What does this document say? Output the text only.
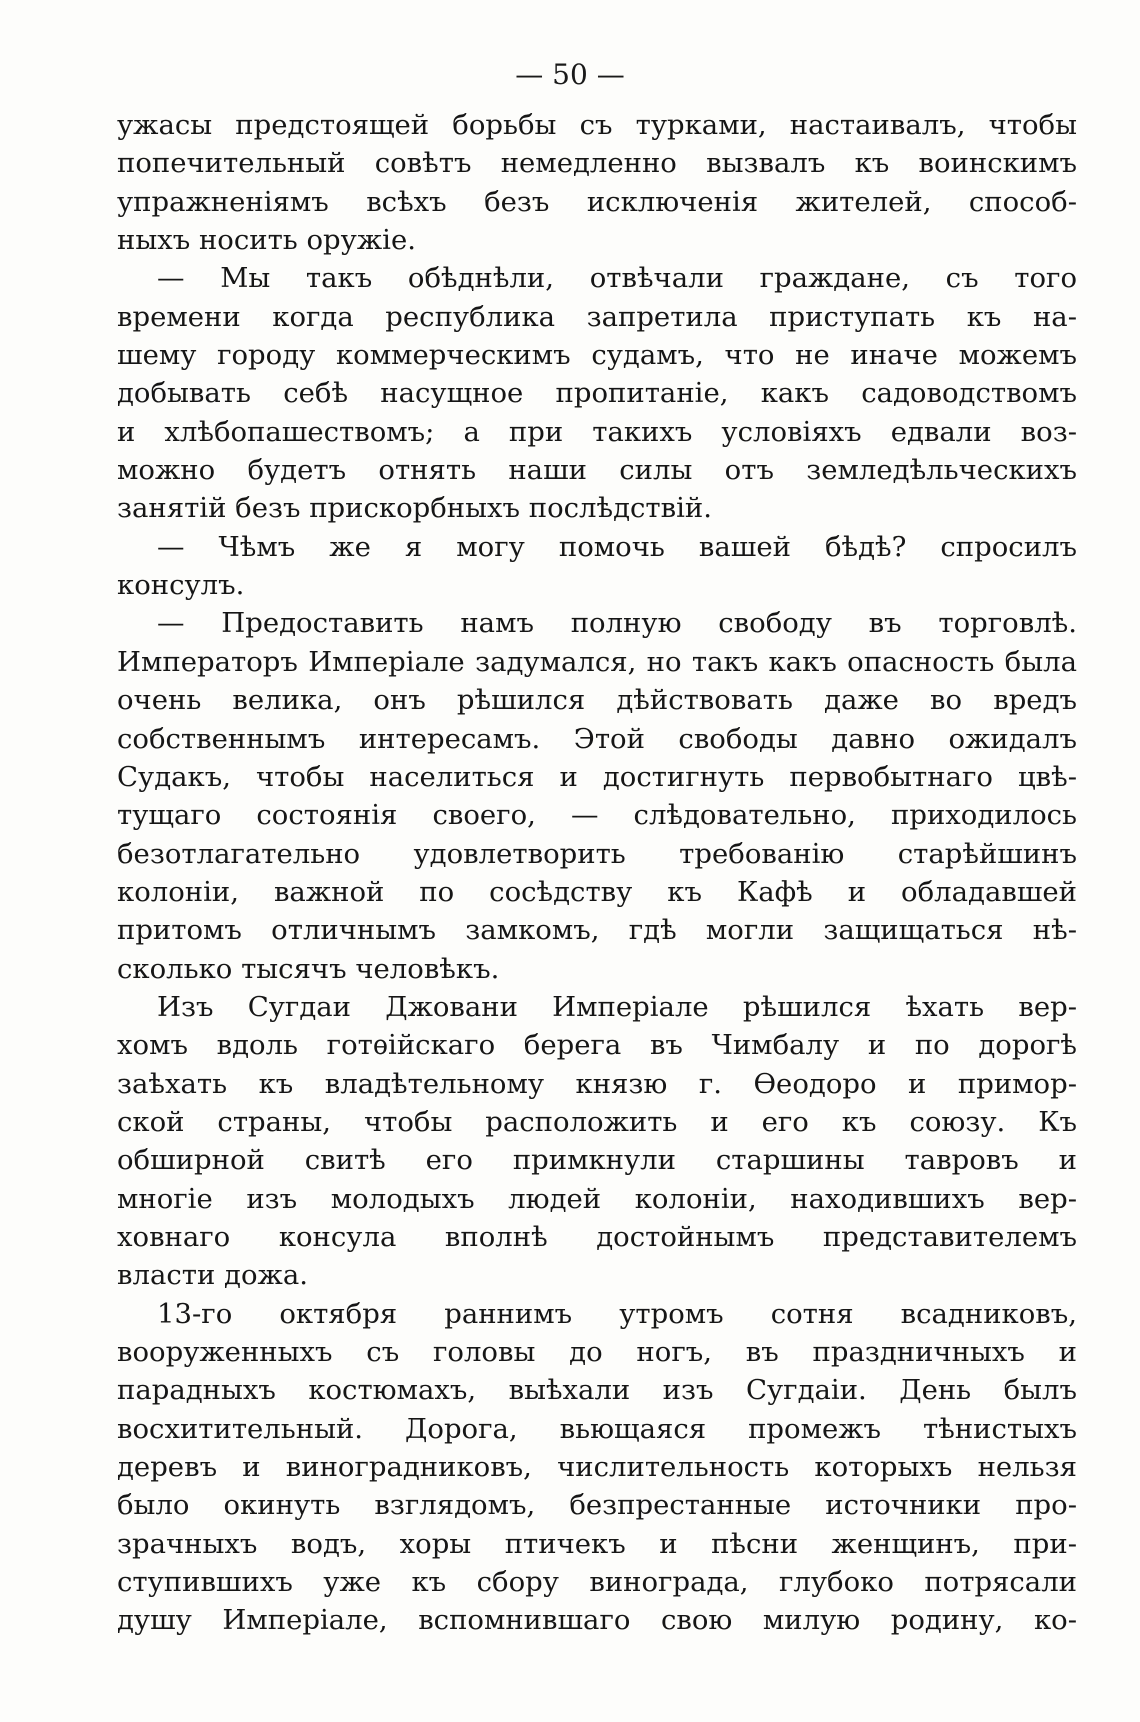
— 50 —
ужасы предстоящей борьбы съ турками, настаивалъ, чтобы
попечительный совѣтъ немедленно вызвалъ къ воинскимъ
упражненіямъ всѣхъ безъ исключенія жителей, способ-
ныхъ носить оружіе.
— Мы такъ обѣднѣли, отвѣчали граждане, съ того
времени когда республика запретила приступать къ на-
шему городу коммерческимъ судамъ, что не иначе можемъ
добывать себѣ насущное пропитаніе, какъ садоводствомъ
и хлѣбопашествомъ; а при такихъ условіяхъ едвали воз-
можно будетъ отнять наши силы отъ земледѣльческихъ
занятій безъ прискорбныхъ послѣдствій.
— Чѣмъ же я могу помочь вашей бѣдѣ? спросилъ
консулъ.
— Предоставить намъ полную свободу въ торговлѣ.
Императоръ Имперіале задумался, но такъ какъ опасность была
очень велика, онъ рѣшился дѣйствовать даже во вредъ
собственнымъ интересамъ. Этой свободы давно ожидалъ
Судакъ, чтобы населиться и достигнуть первобытнаго цвѣ-
тущаго состоянія своего, — слѣдовательно, приходилось
безотлагательно удовлетворить требованію старѣйшинъ
колоніи, важной по сосѣдству къ Кафѣ и обладавшей
притомъ отличнымъ замкомъ, гдѣ могли защищаться нѣ-
сколько тысячъ человѣкъ.
Изъ Сугдаи Джовани Имперіале рѣшился ѣхать вер-
хомъ вдоль готѳійскаго берега въ Чимбалу и по дорогѣ
заѣхать къ владѣтельному князю г. Ѳеодоро и примор-
ской страны, чтобы расположить и его къ союзу. Къ
обширной свитѣ его примкнули старшины тавровъ и
многіе изъ молодыхъ людей колоніи, находившихъ вер-
ховнаго консула вполнѣ достойнымъ представителемъ
власти дожа.
13-го октября раннимъ утромъ сотня всадниковъ,
вооруженныхъ съ головы до ногъ, въ праздничныхъ и
парадныхъ костюмахъ, выѣхали изъ Сугдаіи. День былъ
восхитительный. Дорога, вьющаяся промежъ тѣнистыхъ
деревъ и виноградниковъ, числительность которыхъ нельзя
было окинуть взглядомъ, безпрестанные источники про-
зрачныхъ водъ, хоры птичекъ и пѣсни женщинъ, при-
ступившихъ уже къ сбору винограда, глубоко потрясали
душу Имперіале, вспомнившаго свою милую родину, ко-
